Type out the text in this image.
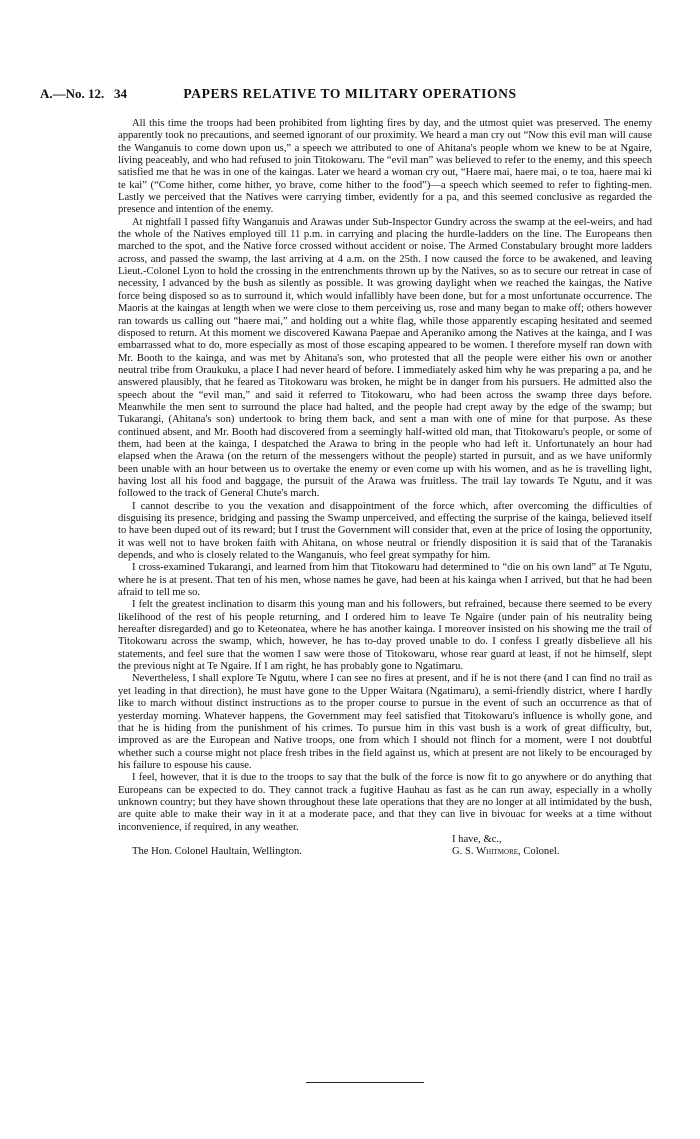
A.—No. 12. 34	PAPERS RELATIVE TO MILITARY OPERATIONS

All this time the troops had been prohibited from lighting fires by day, and the utmost quiet was preserved. The enemy apparently took no precautions, and seemed ignorant of our proximity. We heard a man cry out “Now this evil man will cause the Wanganuis to come down upon us,” a speech we attributed to one of Ahitana's people whom we knew to be at Ngaire, living peaceably, and who had refused to join Titokowaru. The “evil man” was believed to refer to the enemy, and this speech satisfied me that he was in one of the kaingas. Later we heard a woman cry out, “Haere mai, haere mai, o te toa, haere mai ki te kai” (“Come hither, come hither, yo brave, come hither to the food”)—a speech which seemed to refer to fighting-men. Lastly we perceived that the Natives were carrying timber, evidently for a pa, and this seemed conclusive as regarded the presence and intention of the enemy.

At nightfall I passed fifty Wanganuis and Arawas under Sub-Inspector Gundry across the swamp at the eel-weirs, and had the whole of the Natives employed till 11 p.m. in carrying and placing the hurdle-ladders on the line. The Europeans then marched to the spot, and the Native force crossed without accident or noise. The Armed Constabulary brought more ladders across, and passed the swamp, the last arriving at 4 a.m. on the 25th. I now caused the force to be awakened, and leaving Lieut.-Colonel Lyon to hold the crossing in the entrenchments thrown up by the Natives, so as to secure our retreat in case of necessity, I advanced by the bush as silently as possible. It was growing daylight when we reached the kaingas, the Native force being disposed so as to surround it, which would infallibly have been done, but for a most unfortunate occurrence. The Maoris at the kaingas at length when we were close to them perceiving us, rose and many began to make off; others however ran towards us calling out “haere mai,” and holding out a white flag, while those apparently escaping hesitated and seemed disposed to return. At this moment we discovered Kawana Paepae and Aperaniko among the Natives at the kainga, and I was embarrassed what to do, more especially as most of those escaping appeared to be women. I therefore myself ran down with Mr. Booth to the kainga, and was met by Ahitana's son, who protested that all the people were either his own or another neutral tribe from Oraukuku, a place I had never heard of before. I immediately asked him why he was preparing a pa, and he answered plausibly, that he feared as Titokowaru was broken, he might be in danger from his pursuers. He admitted also the speech about the “evil man,” and said it referred to Titokowaru, who had been across the swamp three days before. Meanwhile the men sent to surround the place had halted, and the people had crept away by the edge of the swamp; but Tukarangi, (Ahitana's son) undertook to bring them back, and sent a man with one of mine for that purpose. As these continued absent, and Mr. Booth had discovered from a seemingly half-witted old man, that Titokowaru's people, or some of them, had been at the kainga, I despatched the Arawa to bring in the people who had left it. Unfortunately an hour had elapsed when the Arawa (on the return of the messengers without the people) started in pursuit, and as we have uniformly been unable with an hour between us to overtake the enemy or even come up with his women, and as he is travelling light, having lost all his food and baggage, the pursuit of the Arawa was fruitless. The trail lay towards Te Ngutu, and it was followed to the track of General Chute's march.

I cannot describe to you the vexation and disappointment of the force which, after overcoming the difficulties of disguising its presence, bridging and passing the Swamp unperceived, and effecting the surprise of the kainga, believed itself to have been duped out of its reward; but I trust the Government will consider that, even at the price of losing the opportunity, it was well not to have broken faith with Ahitana, on whose neutral or friendly disposition it is said that of the Taranakis depends, and who is closely related to the Wanganuis, who feel great sympathy for him.

I cross-examined Tukarangi, and learned from him that Titokowaru had determined to “die on his own land” at Te Ngutu, where he is at present. That ten of his men, whose names he gave, had been at his kainga when I arrived, but that he had been afraid to tell me so.

I felt the greatest inclination to disarm this young man and his followers, but refrained, because there seemed to be every likelihood of the rest of his people returning, and I ordered him to leave Te Ngaire (under pain of his neutrality being hereafter disregarded) and go to Keteonatea, where he has another kainga. I moreover insisted on his showing me the trail of Titokowaru across the swamp, which, however, he has to-day proved unable to do. I confess I greatly disbelieve all his statements, and feel sure that the women I saw were those of Titokowaru, whose rear guard at least, if not he himself, slept the previous night at Te Ngaire. If I am right, he has probably gone to Ngatimaru.

Nevertheless, I shall explore Te Ngutu, where I can see no fires at present, and if he is not there (and I can find no trail as yet leading in that direction), he must have gone to the Upper Waitara (Ngatimaru), a semi-friendly district, where I hardly like to march without distinct instructions as to the proper course to pursue in the event of such an occurrence as that of yesterday morning. Whatever happens, the Government may feel satisfied that Titokowaru's influence is wholly gone, and that he is hiding from the punishment of his crimes. To pursue him in this vast bush is a work of great difficulty, but, improved as are the European and Native troops, one from which I should not flinch for a moment, were I not doubtful whether such a course might not place fresh tribes in the field against us, which at present are not likely to be encouraged by his failure to espouse his cause.

I feel, however, that it is due to the troops to say that the bulk of the force is now fit to go anywhere or do anything that Europeans can be expected to do. They cannot track a fugitive Hauhau as fast as he can run away, especially in a wholly unknown country; but they have shown throughout these late operations that they are no longer at all intimidated by the bush, are quite able to make their way in it at a moderate pace, and that they can live in bivouac for weeks at a time without inconvenience, if required, in any weather.

I have, &c.,
The Hon. Colonel Haultain, Wellington.	G. S. Whitmore, Colonel.
